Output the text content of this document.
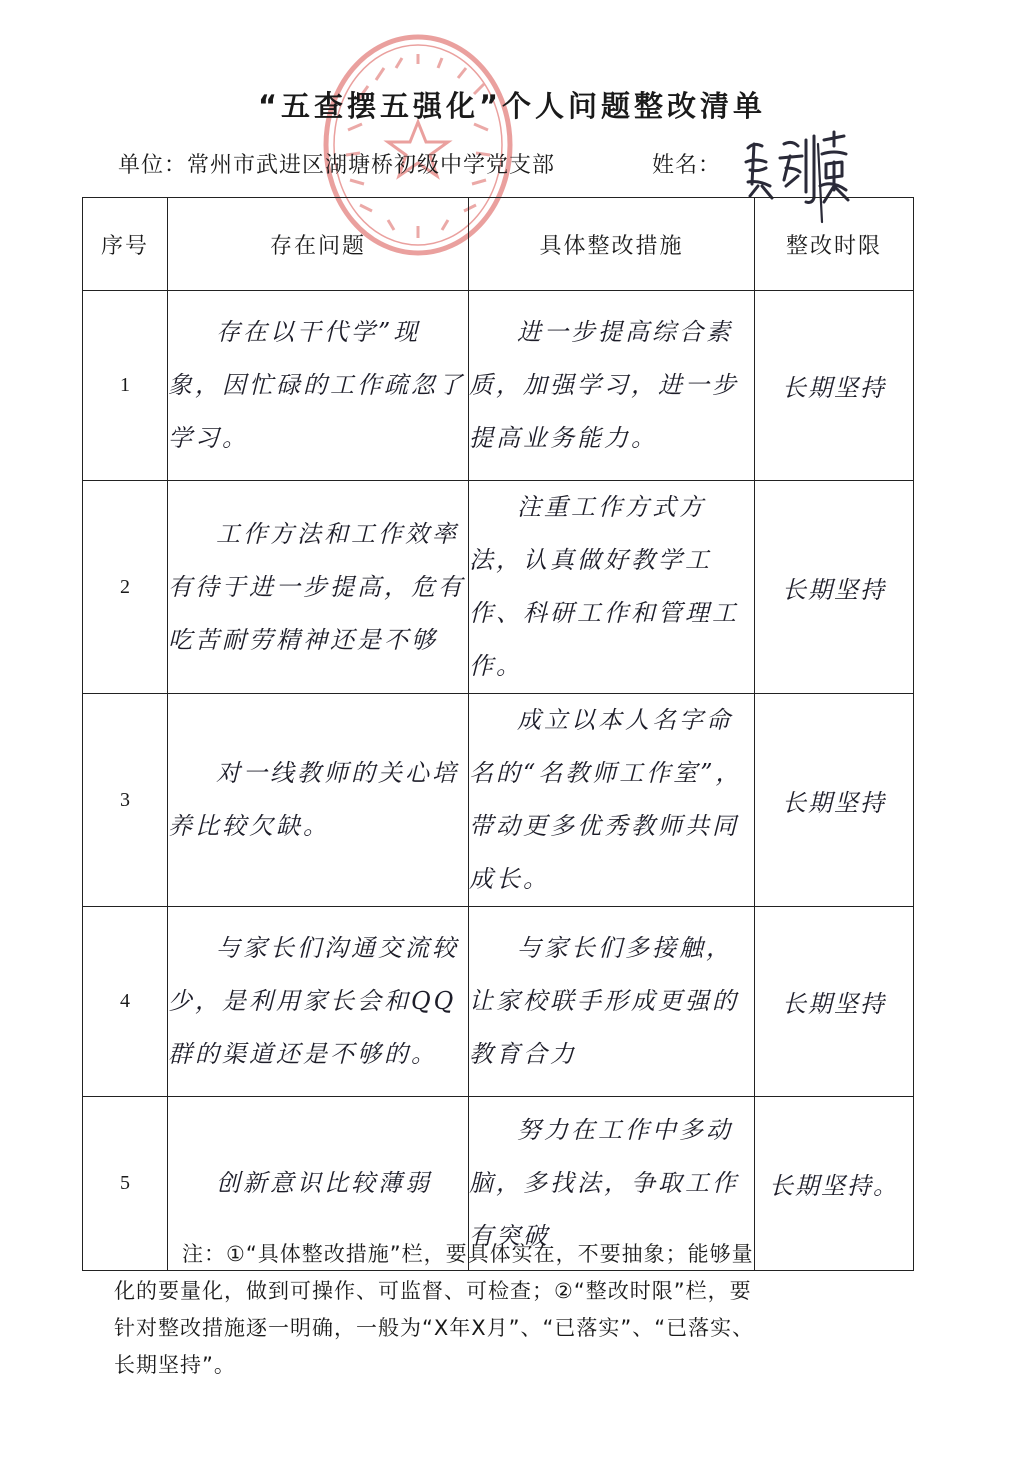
“五查摆五强化”个人问题整改清单
单位：常州市武进区湖塘桥初级中学党支部	姓名：
序号	存在问题	具体整改措施	整改时限
1	存在以干代学”现象，因忙碌的工作疏忽了学习。	进一步提高综合素质，加强学习，进一步提高业务能力。	长期坚持
2	工作方法和工作效率有待于进一步提高，危有吃苦耐劳精神还是不够	注重工作方式方法，认真做好教学工作、科研工作和管理工作。	长期坚持
3	对一线教师的关心培养比较欠缺。	成立以本人名字命名的“名教师工作室”，带动更多优秀教师共同成长。	长期坚持
4	与家长们沟通交流较少，是利用家长会和QQ群的渠道还是不够的。	与家长们多接触，让家校联手形成更强的教育合力	长期坚持
5	创新意识比较薄弱	努力在工作中多动脑，多找法，争取工作有突破	长期坚持。

注：①“具体整改措施”栏，要具体实在，不要抽象；能够量

化的要量化，做到可操作、可监督、可检查；②“整改时限”栏，要

针对整改措施逐一明确，一般为“X年X月”、“已落实”、“已落实、

长期坚持”。
